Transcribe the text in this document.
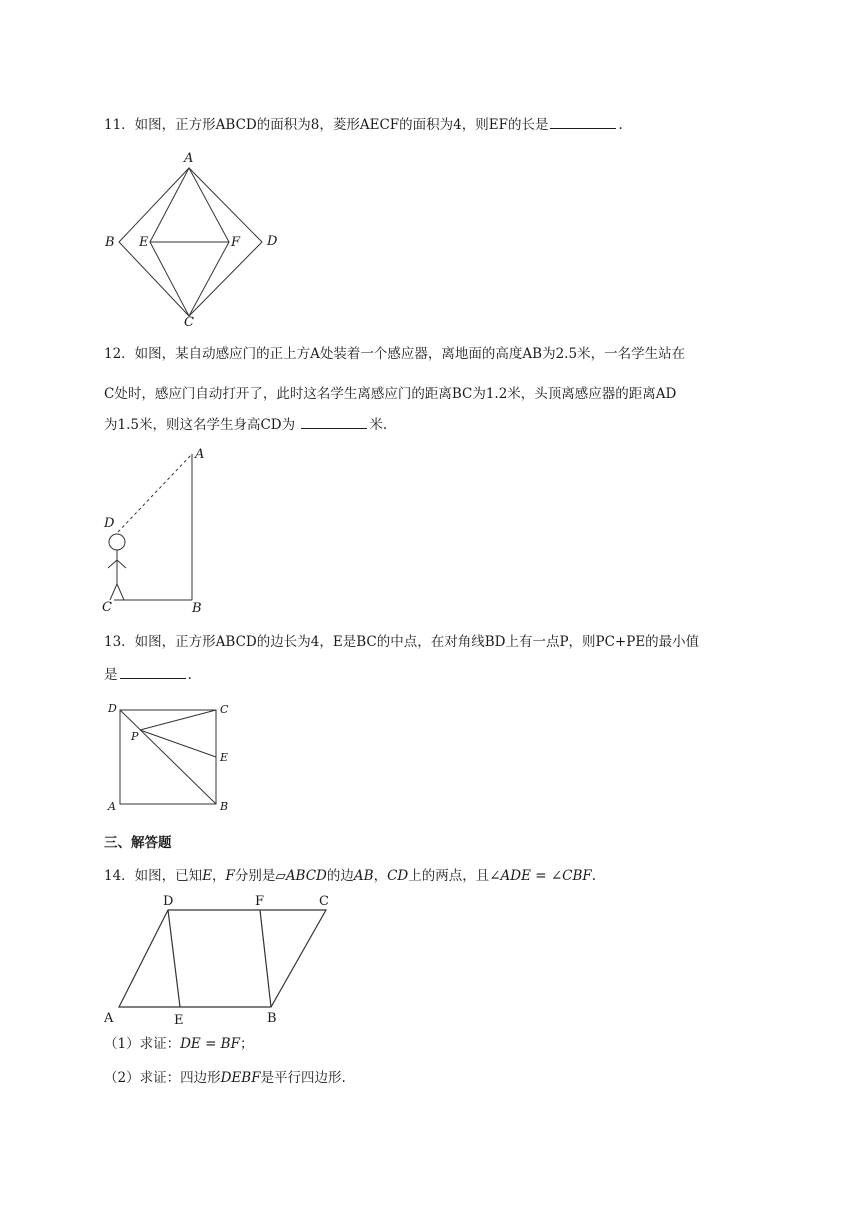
11．如图，正方形ABCD的面积为8，菱形AECF的面积为4，则EF的长是	.
A
B
C
D
E	F
12．如图，某自动感应门的正上方A处装着一个感应器，离地面的高度AB为2.5米，一名学生站在
C处时，感应门自动打开了，此时这名学生离感应门的距离BC为1.2米，头顶离感应器的距离AD
为1.5米，则这名学生身高CD为	米.
A
B
C
D
13．如图，正方形ABCD的边长为4，E是BC的中点，在对角线BD上有一点P，则PC+PE的最小值
是	.
D	C
A	B
E
P
三、解答题
14．如图，已知E，F分别是▱ABCD的边AB，CD上的两点，且∠ADE = ∠CBF.
A	E	B
C
D	F
（1）求证：DE = BF；
（2）求证：四边形DEBF是平行四边形.
